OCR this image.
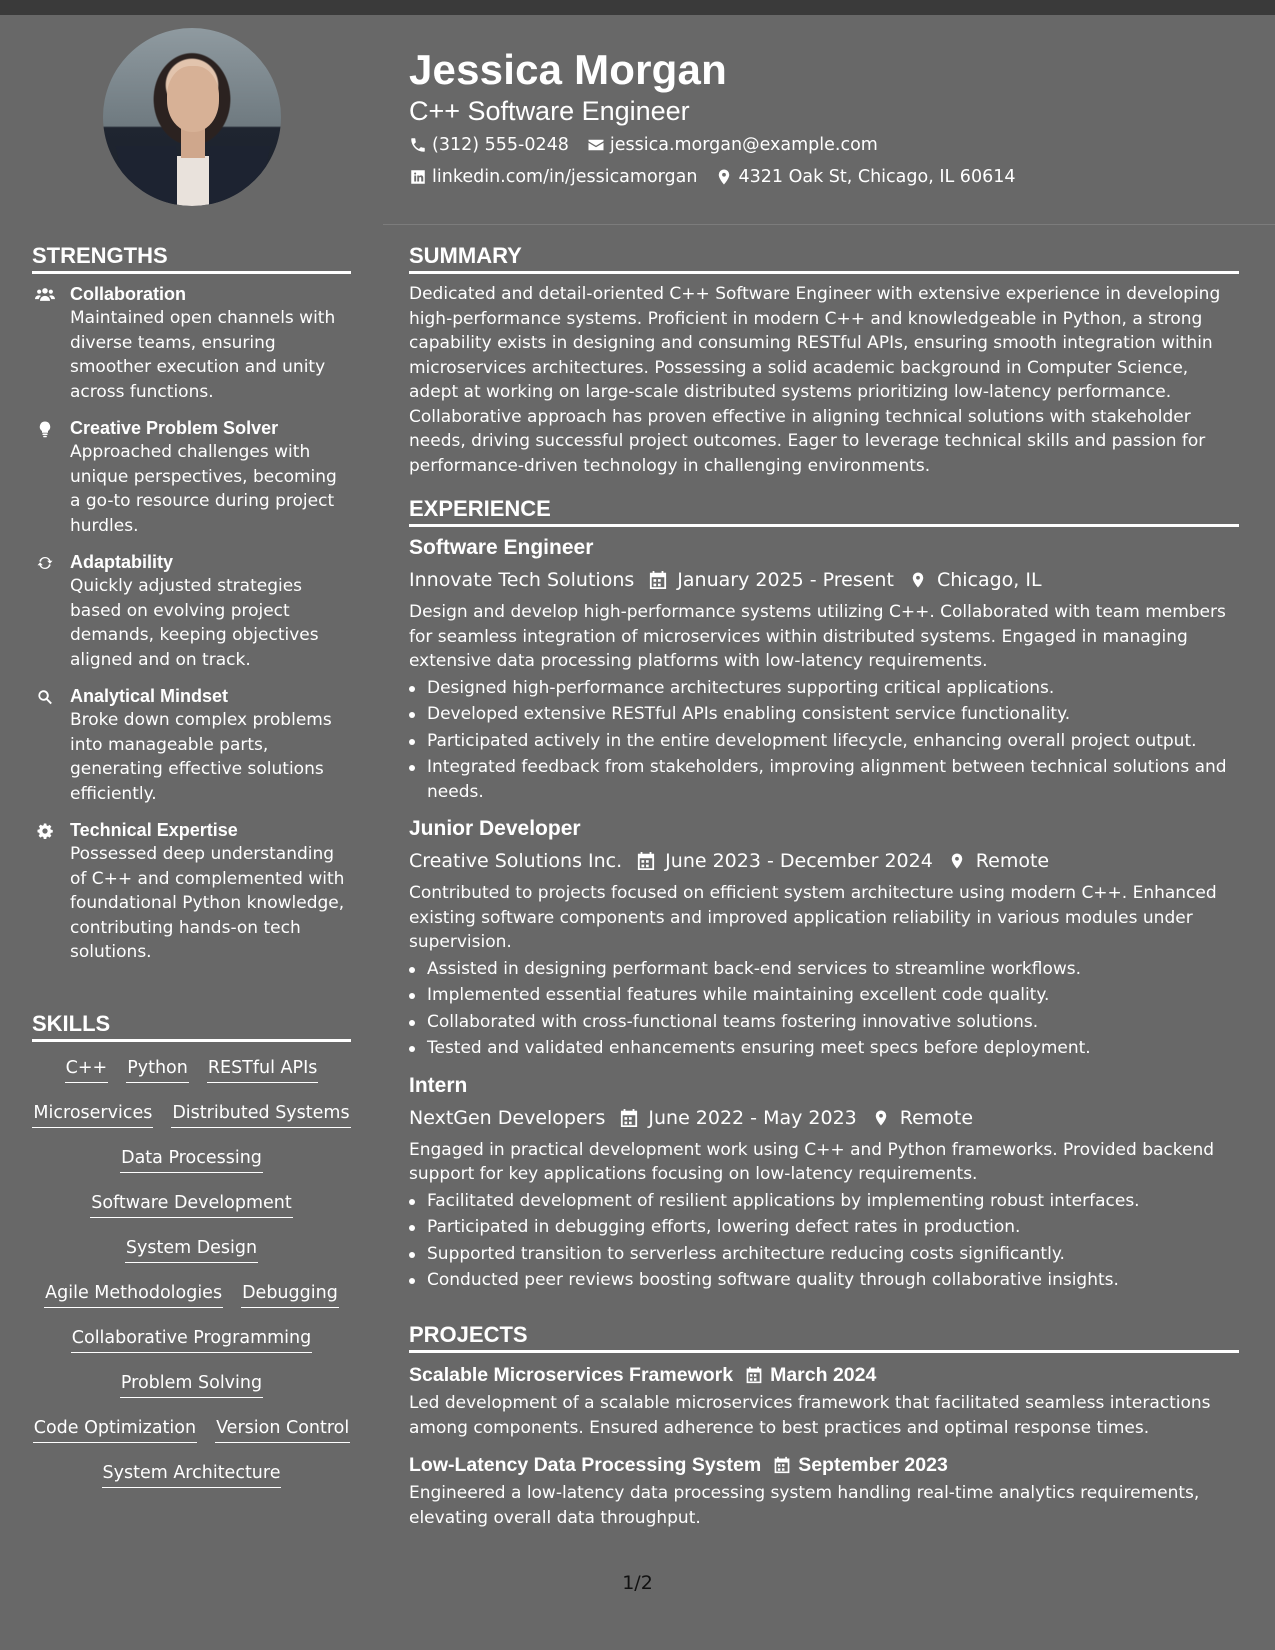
Jessica Morgan
C++ Software Engineer
(312) 555-0248 jessica.morgan@example.com
linkedin.com/in/jessicamorgan 4321 Oak St, Chicago, IL 60614
STRENGTHS
Collaboration
Maintained open channels with diverse teams, ensuring smoother execution and unity across functions.
Creative Problem Solver
Approached challenges with unique perspectives, becoming a go-to resource during project hurdles.
Adaptability
Quickly adjusted strategies based on evolving project demands, keeping objectives aligned and on track.
Analytical Mindset
Broke down complex problems into manageable parts, generating effective solutions efficiently.
Technical Expertise
Possessed deep understanding of C++ and complemented with foundational Python knowledge, contributing hands-on tech solutions.
SKILLS
C++ Python RESTful APIs
Microservices Distributed Systems
Data Processing
Software Development
System Design
Agile Methodologies Debugging
Collaborative Programming
Problem Solving
Code Optimization Version Control
System Architecture
SUMMARY

Dedicated and detail-oriented C++ Software Engineer with extensive experience in developing high-performance systems. Proficient in modern C++ and knowledgeable in Python, a strong capability exists in designing and consuming RESTful APIs, ensuring smooth integration within microservices architectures. Possessing a solid academic background in Computer Science, adept at working on large-scale distributed systems prioritizing low-latency performance. Collaborative approach has proven effective in aligning technical solutions with stakeholder needs, driving successful project outcomes. Eager to leverage technical skills and passion for performance-driven technology in challenging environments.

EXPERIENCE
Software Engineer
Innovate Tech Solutions January 2025 - Present Chicago, IL
Design and develop high-performance systems utilizing C++. Collaborated with team members for seamless integration of microservices within distributed systems. Engaged in managing extensive data processing platforms with low-latency requirements.
Designed high-performance architectures supporting critical applications.
Developed extensive RESTful APIs enabling consistent service functionality.
Participated actively in the entire development lifecycle, enhancing overall project output.
Integrated feedback from stakeholders, improving alignment between technical solutions and needs.
Junior Developer
Creative Solutions Inc. June 2023 - December 2024 Remote
Contributed to projects focused on efficient system architecture using modern C++. Enhanced existing software components and improved application reliability in various modules under supervision.
Assisted in designing performant back-end services to streamline workflows.
Implemented essential features while maintaining excellent code quality.
Collaborated with cross-functional teams fostering innovative solutions.
Tested and validated enhancements ensuring meet specs before deployment.
Intern
NextGen Developers June 2022 - May 2023 Remote
Engaged in practical development work using C++ and Python frameworks. Provided backend support for key applications focusing on low-latency requirements.
Facilitated development of resilient applications by implementing robust interfaces.
Participated in debugging efforts, lowering defect rates in production.
Supported transition to serverless architecture reducing costs significantly.
Conducted peer reviews boosting software quality through collaborative insights.
PROJECTS
Scalable Microservices Framework March 2024
Led development of a scalable microservices framework that facilitated seamless interactions among components. Ensured adherence to best practices and optimal response times.
Low-Latency Data Processing System September 2023
Engineered a low-latency data processing system handling real-time analytics requirements, elevating overall data throughput.
1/2
